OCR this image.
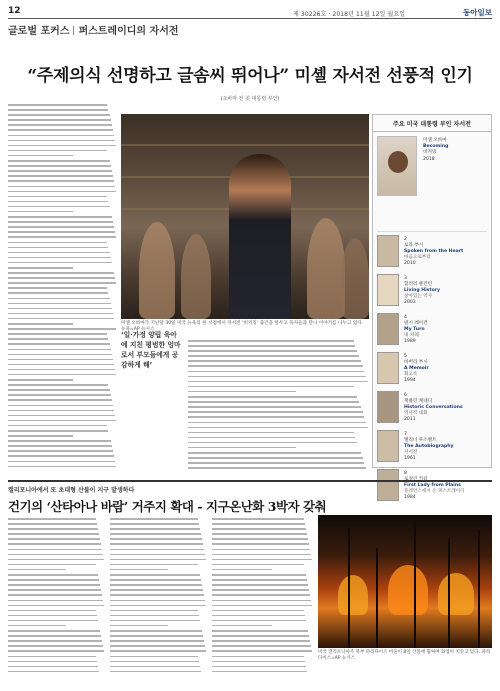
12	제 30226호 · 2018년 11월 12일 월요일	동아일보
글로벌 포커스 퍼스트레이디의 자서전
“주제의식 선명하고 글솜씨 뛰어나” 미셸 자서전 선풍적 인기
(오바마 전 美 대통령 부인)
미셸 오바마가 지난달 30일 미국 뉴욕의 한 서점에서 자서전 ‘비커밍’ 출간을 앞두고 독자들과 만나 이야기를 나누고 있다. 뉴욕=AP 뉴시스
‘일·가정 양립 육아에 지친 평범한 엄마로서 부모들에게 공감하게 해’
주요 미국 대통령 부인 자서전
미셸 오바마
Becoming
비커밍
2018
2
로라 부시
Spoken from the Heart
마음으로부터
2010
3
힐러리 클린턴
Living History
살아있는 역사
2003
4
낸시 레이건
My Turn
내 차례
1989
5
바버라 부시
A Memoir
회고록
1994
6
재클린 케네디
Historic Conversations
역사적 대화
2011
7
엘리너 루스벨트
The Autobiography
자서전
1961
8
로절린 카터
First Lady from Plains
플레인스에서 온 퍼스트레이디
1984
캘리포니아에서 또 초대형 산불이 지구 발생하다
건기의 ‘산타아나 바람’ 거주지 확대 - 지구온난화 3박자 갖춰
미국 캘리포니아주 북부 파라다이스 마을이 8일 산불에 휩싸여 화염이 치솟고 있다. 파라다이스=AP 뉴시스
